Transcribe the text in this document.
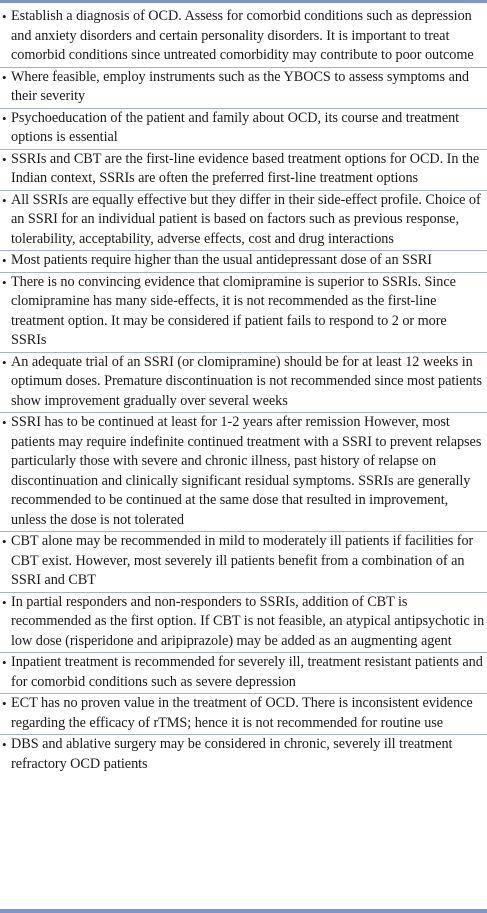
• Establish a diagnosis of OCD. Assess for comorbid conditions such as depression and anxiety disorders and certain personality disorders. It is important to treat comorbid conditions since untreated comorbidity may contribute to poor outcome
• Where feasible, employ instruments such as the YBOCS to assess symptoms and their severity
• Psychoeducation of the patient and family about OCD, its course and treatment options is essential
• SSRIs and CBT are the first-line evidence based treatment options for OCD. In the Indian context, SSRIs are often the preferred first-line treatment options
• All SSRIs are equally effective but they differ in their side-effect profile. Choice of an SSRI for an individual patient is based on factors such as previous response, tolerability, acceptability, adverse effects, cost and drug interactions
• Most patients require higher than the usual antidepressant dose of an SSRI
• There is no convincing evidence that clomipramine is superior to SSRIs. Since clomipramine has many side-effects, it is not recommended as the first-line treatment option. It may be considered if patient fails to respond to 2 or more SSRIs
• An adequate trial of an SSRI (or clomipramine) should be for at least 12 weeks in optimum doses. Premature discontinuation is not recommended since most patients show improvement gradually over several weeks
• SSRI has to be continued at least for 1-2 years after remission However, most patients may require indefinite continued treatment with a SSRI to prevent relapses particularly those with severe and chronic illness, past history of relapse on discontinuation and clinically significant residual symptoms. SSRIs are generally recommended to be continued at the same dose that resulted in improvement, unless the dose is not tolerated
• CBT alone may be recommended in mild to moderately ill patients if facilities for CBT exist. However, most severely ill patients benefit from a combination of an SSRI and CBT
• In partial responders and non-responders to SSRIs, addition of CBT is recommended as the first option. If CBT is not feasible, an atypical antipsychotic in low dose (risperidone and aripiprazole) may be added as an augmenting agent
• Inpatient treatment is recommended for severely ill, treatment resistant patients and for comorbid conditions such as severe depression
• ECT has no proven value in the treatment of OCD. There is inconsistent evidence regarding the efficacy of rTMS; hence it is not recommended for routine use
• DBS and ablative surgery may be considered in chronic, severely ill treatment refractory OCD patients
